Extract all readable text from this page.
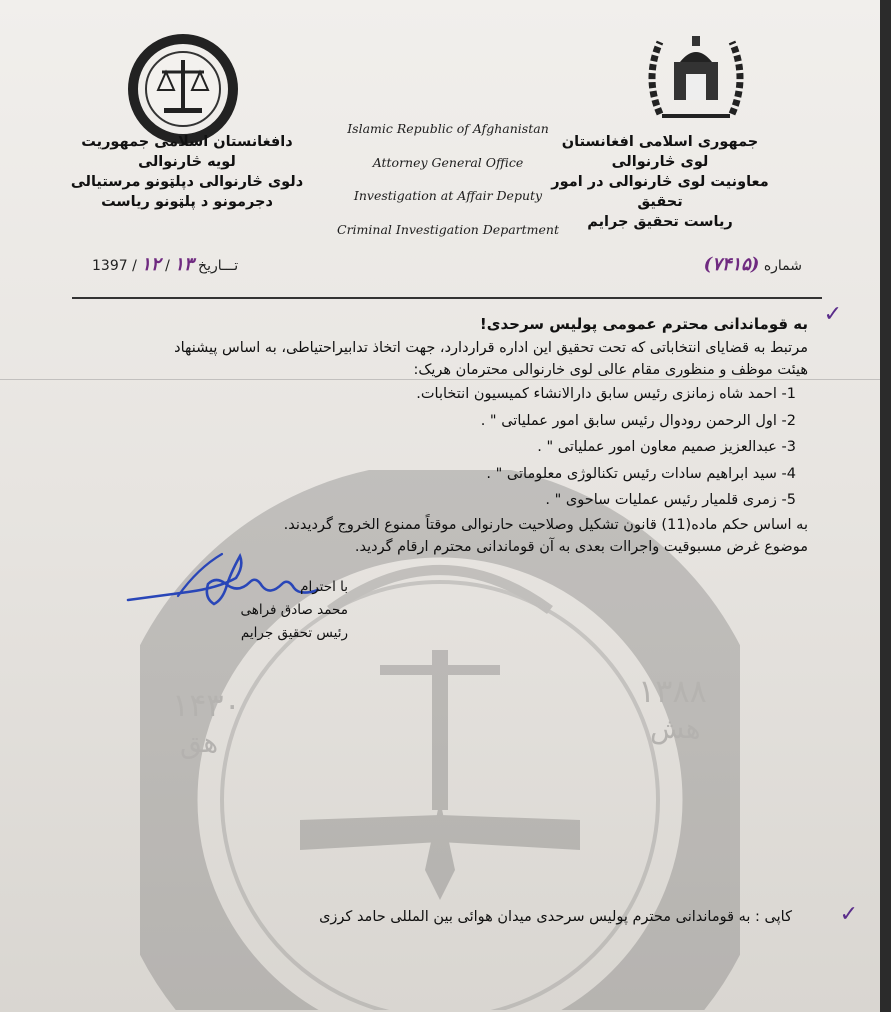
۱۴۳۰
هق
۱۳۸۸
هش
جمهوری اسلامی افغانستان
لوی څارنوالی
معاونیت لوی څارنوالی در امور تحقیق
ریاست تحقیق جرایم
Islamic Republic of Afghanistan
Attorney General Office
Investigation at Affair Deputy
Criminal Investigation Department
دافغانستان اسلامی جمهوریت
لویه څارنوالی
دلوی څارنوالی دپلټونو مرستیالی
دجرمونو د پلټونو ریاست
شماره (۷۴۱۵)
تـــاریخ ۱۳ / ۱۲ / 1397
✓
✓
به قوماندانی محترم عمومی پولیس سرحدی!
مرتبط به قضایای انتخاباتی که تحت تحقیق این اداره قراردارد، جهت اتخاذ تدابیراحتیاطی، به اساس پیشنهاد
هیئت موظف و منظوری مقام عالی لوی خارنوالی محترمان هریک:
1- احمد شاه زمانزی رئیس سابق دارالانشاء کمیسیون انتخابات.
2- اول الرحمن رودوال رئیس سابق امور عملیاتی " .
3- عبدالعزیز صمیم معاون امور عملیاتی " .
4- سید ابراهیم سادات رئیس تکنالوژی معلوماتی " .
5- زمری قلمیار رئیس عملیات ساحوی " .
به اساس حکم ماده(11) قانون تشکیل وصلاحیت حارنوالی موقتاً ممنوع الخروج گردیدند.
موضوع غرض مسبوقیت واجراات بعدی به آن قوماندانی محترم ارقام گردید.
با احترام
محمد صادق فراهی
رئیس تحقیق جرایم
کاپی : به قوماندانی محترم پولیس سرحدی میدان هوائی بین المللی حامد کرزی
